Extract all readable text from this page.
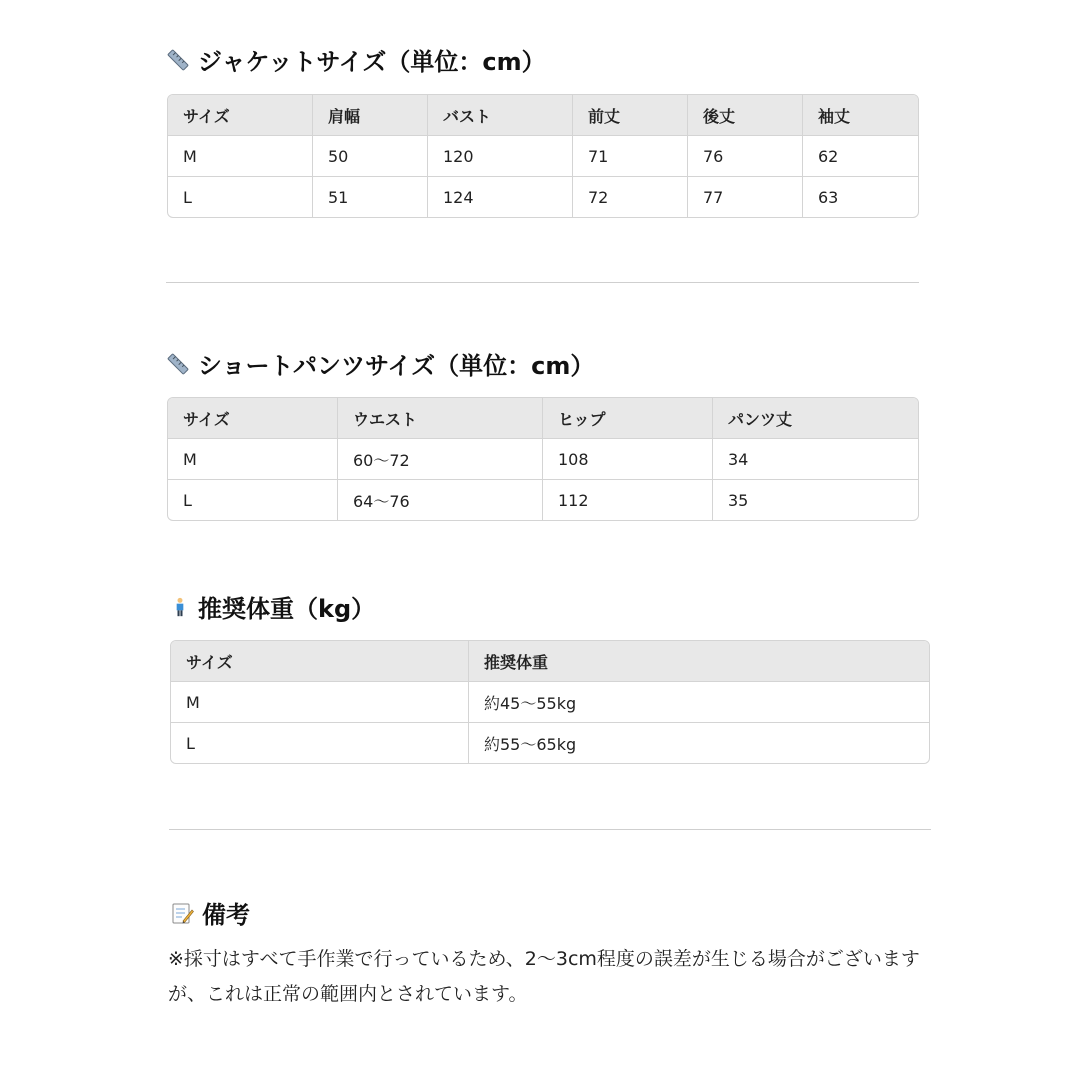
ジャケットサイズ（単位：cm）
サイズ	肩幅	バスト	前丈	後丈	袖丈
M	50	120	71	76	62
L	51	124	72	77	63
ショートパンツサイズ（単位：cm）
サイズ	ウエスト	ヒップ	パンツ丈
M	60〜72	108	34
L	64〜76	112	35
推奨体重（kg）
サイズ	推奨体重
M	約45〜55kg
L	約55〜65kg
備考
※採寸はすべて手作業で行っているため、2〜3cm程度の誤差が生じる場合がございますが、これは正常の範囲内とされています。
